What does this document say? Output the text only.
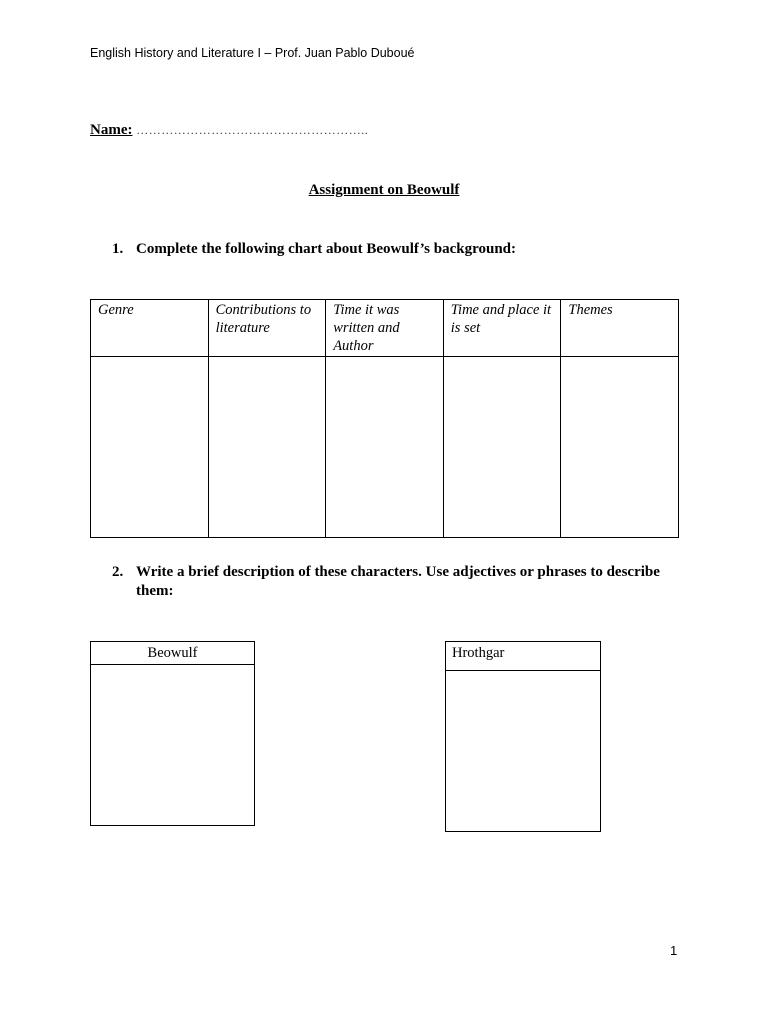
English History and Literature I – Prof. Juan Pablo Duboué
Name: ………………………………………………..
Assignment on Beowulf
1. Complete the following chart about Beowulf’s background:
Genre	Contributions to literature	Time it was written and Author	Time and place it is set	Themes

2. Write a brief description of these characters. Use adjectives or phrases to describe them:
Beowulf	Hrothgar
1
